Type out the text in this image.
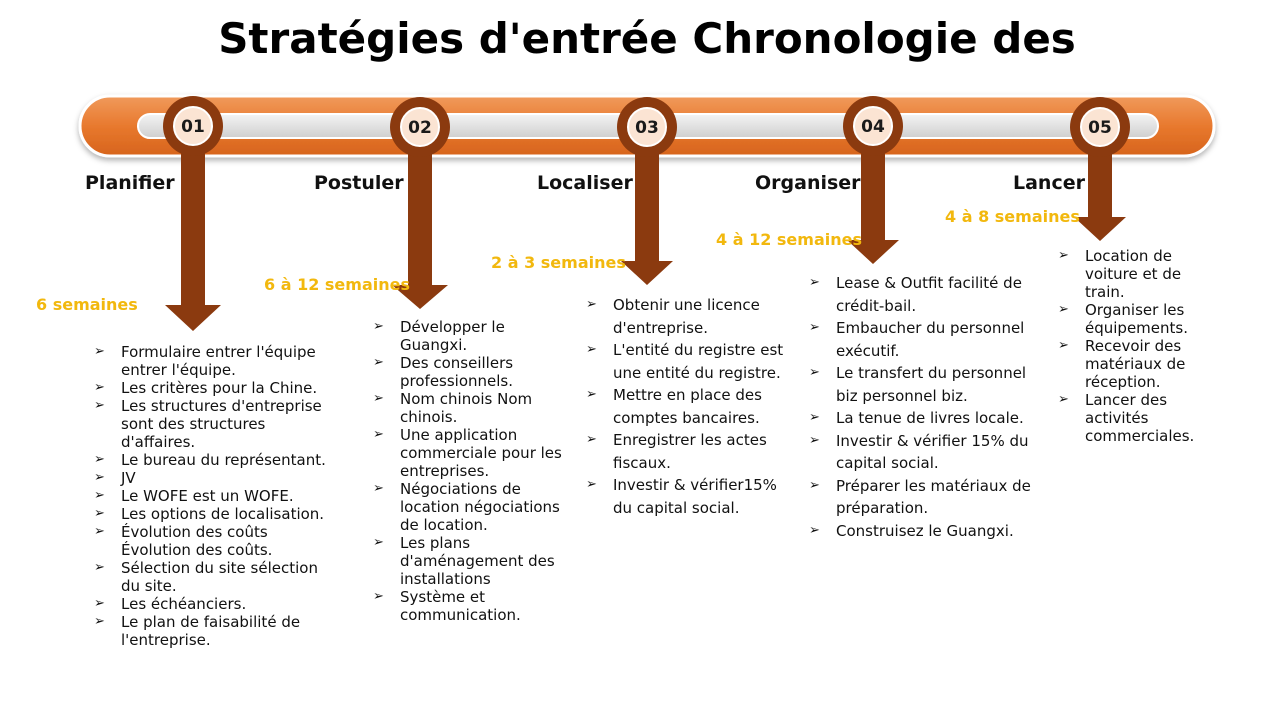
Stratégies d'entrée Chronologie des
01	02	03	04	05
Planifier	Postuler	Localiser	Organiser	Lancer
6 semaines
6 à 12 semaines
2 à 3 semaines
4 à 12 semaines
4 à 8 semaines
➢ Formulaire entrer l'équipe entrer l'équipe.
➢ Les critères pour la Chine.
➢ Les structures d'entreprise sont des structures d'affaires.
➢ Le bureau du représentant.
➢ JV
➢ Le WOFE est un WOFE.
➢ Les options de localisation.
➢ Évolution des coûts Évolution des coûts.
➢ Sélection du site sélection du site.
➢ Les échéanciers.
➢ Le plan de faisabilité de l'entreprise.
➢ Développer le Guangxi.
➢ Des conseillers professionnels.
➢ Nom chinois Nom chinois.
➢ Une application commerciale pour les entreprises.
➢ Négociations de location négociations de location.
➢ Les plans d'aménagement des installations
➢ Système et communication.
➢ Obtenir une licence d'entreprise.
➢ L'entité du registre est une entité du registre.
➢ Mettre en place des comptes bancaires.
➢ Enregistrer les actes fiscaux.
➢ Investir & vérifier15% du capital social.
➢ Lease & Outfit facilité de crédit-bail.
➢ Embaucher du personnel exécutif.
➢ Le transfert du personnel biz personnel biz.
➢ La tenue de livres locale.
➢ Investir & vérifier 15% du capital social.
➢ Préparer les matériaux de préparation.
➢ Construisez le Guangxi.
➢ Location de voiture et de train.
➢ Organiser les équipements.
➢ Recevoir des matériaux de réception.
➢ Lancer des activités commerciales.
